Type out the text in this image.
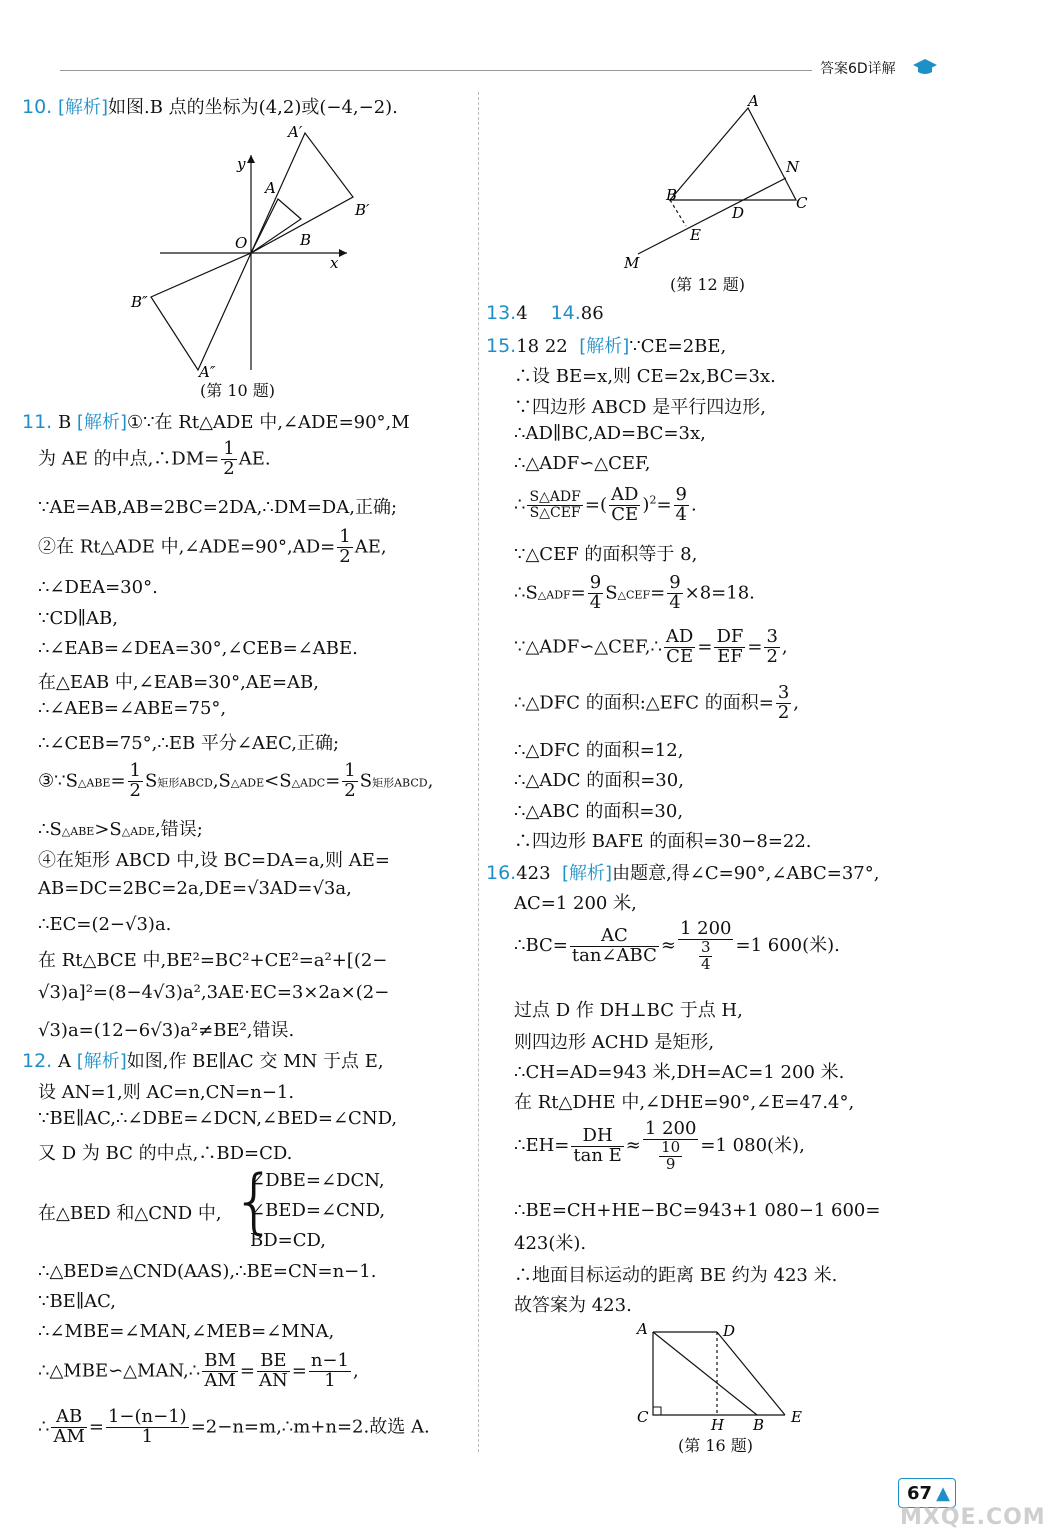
答案6D详解
10. [解析]如图.B 点的坐标为(4,2)或(−4,−2).
A′
A
B′
B
O
x
y
B″
A″
(第 10 题)
11. B [解析]①∵在 Rt△ADE 中,∠ADE=90°,M
为 AE 的中点,∴DM= $\frac{1}{2}$ AE.
∵AE=AB,AB=2BC=2DA,∴DM=DA,正确;
②在 Rt△ADE 中,∠ADE=90°,AD= $\frac{1}{2}$ AE,
∴∠DEA=30°.
∵CD∥AB,
∴∠EAB=∠DEA=30°,∠CEB=∠ABE.
在△EAB 中,∠EAB=30°,AE=AB,
∴∠AEB=∠ABE=75°,
∴∠CEB=75°,∴EB 平分∠AEC,正确;
③∵S△ABE= $\frac{1}{2}$ S矩形ABCD,S△ADE<S△ADC= $\frac{1}{2}$ S矩形ABCD,
∴S△ABE>S△ADE,错误;
④在矩形 ABCD 中,设 BC=DA=a,则 AE=
AB=DC=2BC=2a,DE=√3AD=√3a,
∴EC=(2−√3)a.
在 Rt△BCE 中,BE²=BC²+CE²=a²+[(2−
√3)a]²=(8−4√3)a²,3AE·EC=3×2a×(2−
√3)a=(12−6√3)a²≠BE²,错误.
12. A [解析]如图,作 BE∥AC 交 MN 于点 E,
设 AN=1,则 AC=n,CN=n−1.
∵BE∥AC,∴∠DBE=∠DCN,∠BED=∠CND,
又 D 为 BC 的中点,∴BD=CD.
在△BED 和△CND 中, {
∠DBE=∠DCN,
∠BED=∠CND,
BD=CD,
∴△BED≌△CND(AAS),∴BE=CN=n−1.
∵BE∥AC,
∴∠MBE=∠MAN,∠MEB=∠MNA,
∴△MBE∽△MAN,∴ $\frac{BM}{AM} = \frac{BE}{AN} = \frac{n-1}{1}$ ,
∴ $\frac{AB}{AM} = \frac{1-(n-1)}{1}$ =2−n=m,∴m+n=2.故选 A.
A
N
B
D
C
E
M
(第 12 题)
13.4 14.86
15.18 22 [解析]∵CE=2BE,
∴设 BE=x,则 CE=2x,BC=3x.
∵四边形 ABCD 是平行四边形,
∴AD∥BC,AD=BC=3x,
∴△ADF∽△CEF,
∴ $\frac{\text{S△ADF}}{\text{S△CEF}}$ =( $\frac{AD}{CE} )^2= \frac{9}{4}$ .
∵△CEF 的面积等于 8,
∴S△ADF= $\frac{9}{4}$ S△CEF= $\frac{9}{4} \times 8=18$.
∵△ADF∽△CEF,∴ $\frac{AD}{CE} = \frac{DF}{EF} = \frac{3}{2}$ ,
∴△DFC 的面积:△EFC 的面积= $\frac{3}{2}$ ,
∴△DFC 的面积=12,
∴△ADC 的面积=30,
∴△ABC 的面积=30,
∴四边形 BAFE 的面积=30−8=22.
16.423 [解析]由题意,得∠C=90°,∠ABC=37°,
AC=1 200 米,
∴BC= $\frac{AC}{\text{tan∠ABC}} \approx \frac{1 200}{\frac{3}{4}} =1$ 600(米).
过点 D 作 DH⊥BC 于点 H,
则四边形 ACHD 是矩形,
∴CH=AD=943 米,DH=AC=1 200 米.
在 Rt△DHE 中,∠DHE=90°,∠E=47.4°,
∴EH= $\frac{DH}{\text{tan E}} \approx \frac{1 200}{\frac{10}{9}} =1$ 080(米),
∴BE=CH+HE−BC=943+1 080−1 600=
423(米).
∴地面目标运动的距离 BE 约为 423 米.
故答案为 423.
A	D
C	H B E
(第 16 题)
67 ▲
MXQE.COM
